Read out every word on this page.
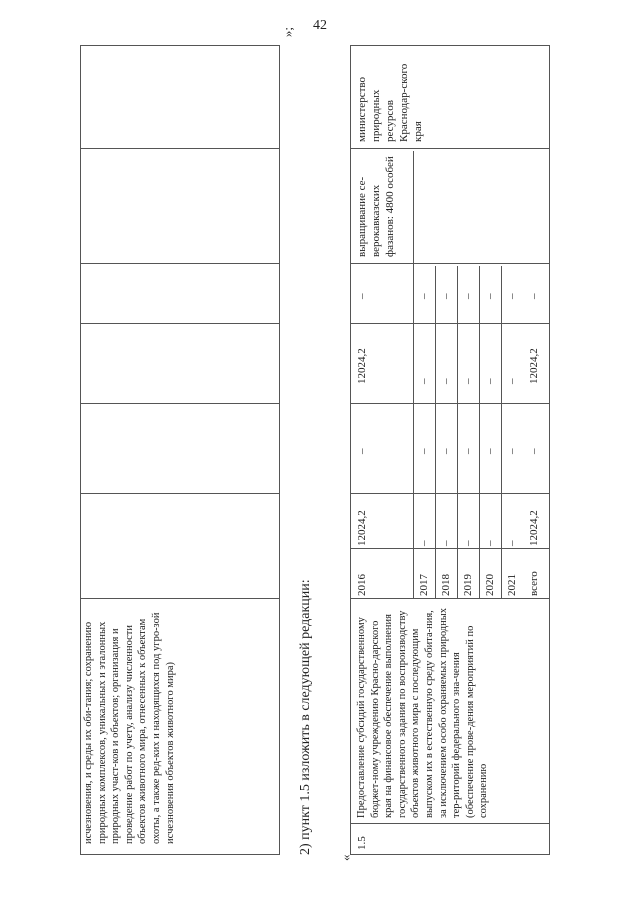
42
исчезновения, и среды их оби-тания; сохранению природных комплексов, уникальных и эталонных природных участ-ков и объектов; организация и проведение работ по учету, анализу численности объектов животного мира, отнесенных к объектам охоты, а также ред-ких и находящихся под угро-зой исчезновения объектов животного мира)
»;
2) пункт 1.5 изложить в следующей редакции:
«
1.5
Предоставление субсидий государственному бюджет-ному учреждению Красно-дарского края на финансовое обеспечение выполнения государственного задания по воспроизводству объектов животного мира с последующим выпуском их в естественную среду обита-ния, за исключением особо охраняемых природных тер-риторий федерального зна-чения (обеспечение прове-дения мероприятий по сохранению
2016
12024,2
–
12024,2
–
2017
–
–
–
–
2018
–
–
–
–
2019
–
–
–
–
2020
–
–
–
–
2021
–
–
–
–
всего
12024,2
–
12024,2
–
выращивание се-верокавказских фазанов: 4800 особей
министерство природных ресурсов Краснодар-ского края
